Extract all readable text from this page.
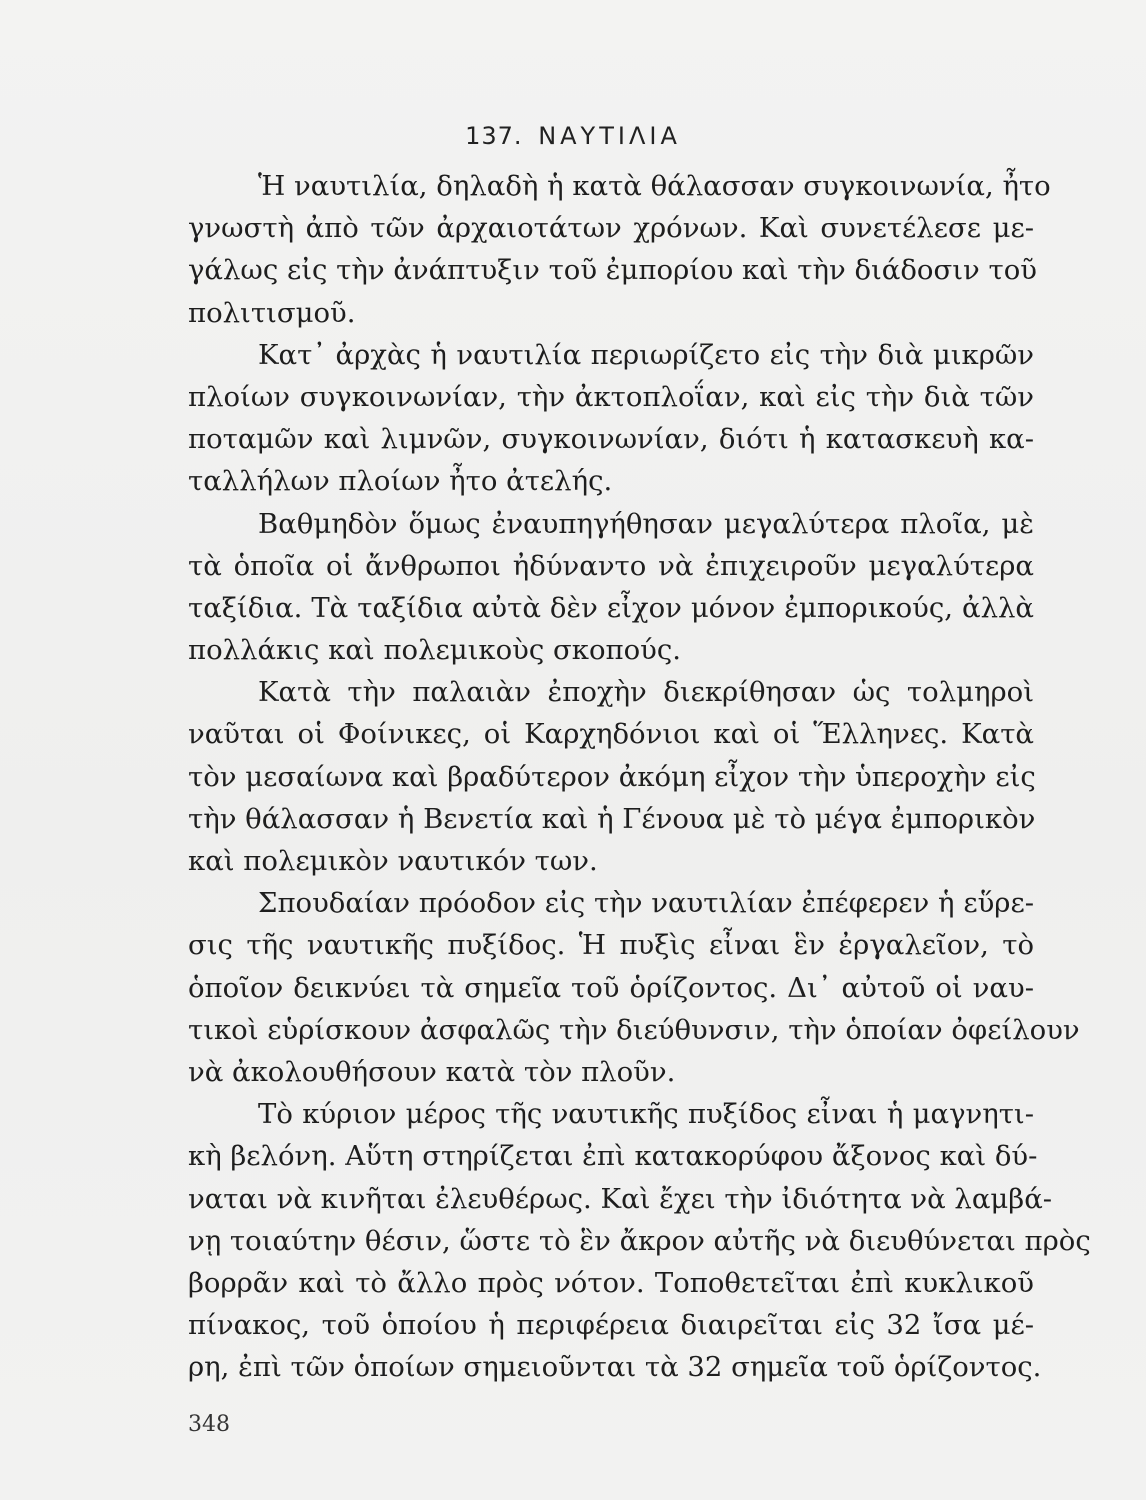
137. ΝΑΥΤΙΛΙΑ
Ἡ ναυτιλία, δηλαδὴ ἡ κατὰ θάλασσαν συγκοινωνία, ἦτο
γνωστὴ ἀπὸ τῶν ἀρχαιοτάτων χρόνων. Καὶ συνετέλεσε με-
γάλως εἰς τὴν ἀνάπτυξιν τοῦ ἐμπορίου καὶ τὴν διάδοσιν τοῦ
πολιτισμοῦ.
Κατ᾿ ἀρχὰς ἡ ναυτιλία περιωρίζετο εἰς τὴν διὰ μικρῶν
πλοίων συγκοινωνίαν, τὴν ἀκτοπλοΐαν, καὶ εἰς τὴν διὰ τῶν
ποταμῶν καὶ λιμνῶν, συγκοινωνίαν, διότι ἡ κατασκευὴ κα-
ταλλήλων πλοίων ἦτο ἀτελής.
Βαθμηδὸν ὅμως ἐναυπηγήθησαν μεγαλύτερα πλοῖα, μὲ
τὰ ὁποῖα οἱ ἄνθρωποι ἠδύναντο νὰ ἐπιχειροῦν μεγαλύτερα
ταξίδια. Τὰ ταξίδια αὐτὰ δὲν εἶχον μόνον ἐμπορικούς, ἀλλὰ
πολλάκις καὶ πολεμικοὺς σκοπούς.
Κατὰ τὴν παλαιὰν ἐποχὴν διεκρίθησαν ὡς τολμηροὶ
ναῦται οἱ Φοίνικες, οἱ Καρχηδόνιοι καὶ οἱ Ἕλληνες. Κατὰ
τὸν μεσαίωνα καὶ βραδύτερον ἀκόμη εἶχον τὴν ὑπεροχὴν εἰς
τὴν θάλασσαν ἡ Βενετία καὶ ἡ Γένουα μὲ τὸ μέγα ἐμπορικὸν
καὶ πολεμικὸν ναυτικόν των.
Σπουδαίαν πρόοδον εἰς τὴν ναυτιλίαν ἐπέφερεν ἡ εὕρε-
σις τῆς ναυτικῆς πυξίδος. Ἡ πυξὶς εἶναι ἓν ἐργαλεῖον, τὸ
ὁποῖον δεικνύει τὰ σημεῖα τοῦ ὁρίζοντος. Δι᾿ αὐτοῦ οἱ ναυ-
τικοὶ εὑρίσκουν ἀσφαλῶς τὴν διεύθυνσιν, τὴν ὁποίαν ὀφείλουν
νὰ ἀκολουθήσουν κατὰ τὸν πλοῦν.
Τὸ κύριον μέρος τῆς ναυτικῆς πυξίδος εἶναι ἡ μαγνητι-
κὴ βελόνη. Αὕτη στηρίζεται ἐπὶ κατακορύφου ἄξονος καὶ δύ-
ναται νὰ κινῆται ἐλευθέρως. Καὶ ἔχει τὴν ἰδιότητα νὰ λαμβά-
νῃ τοιαύτην θέσιν, ὥστε τὸ ἓν ἄκρον αὐτῆς νὰ διευθύνεται πρὸς
βορρᾶν καὶ τὸ ἄλλο πρὸς νότον. Τοποθετεῖται ἐπὶ κυκλικοῦ
πίνακος, τοῦ ὁποίου ἡ περιφέρεια διαιρεῖται εἰς 32 ἴσα μέ-
ρη, ἐπὶ τῶν ὁποίων σημειοῦνται τὰ 32 σημεῖα τοῦ ὁρίζοντος.
348
